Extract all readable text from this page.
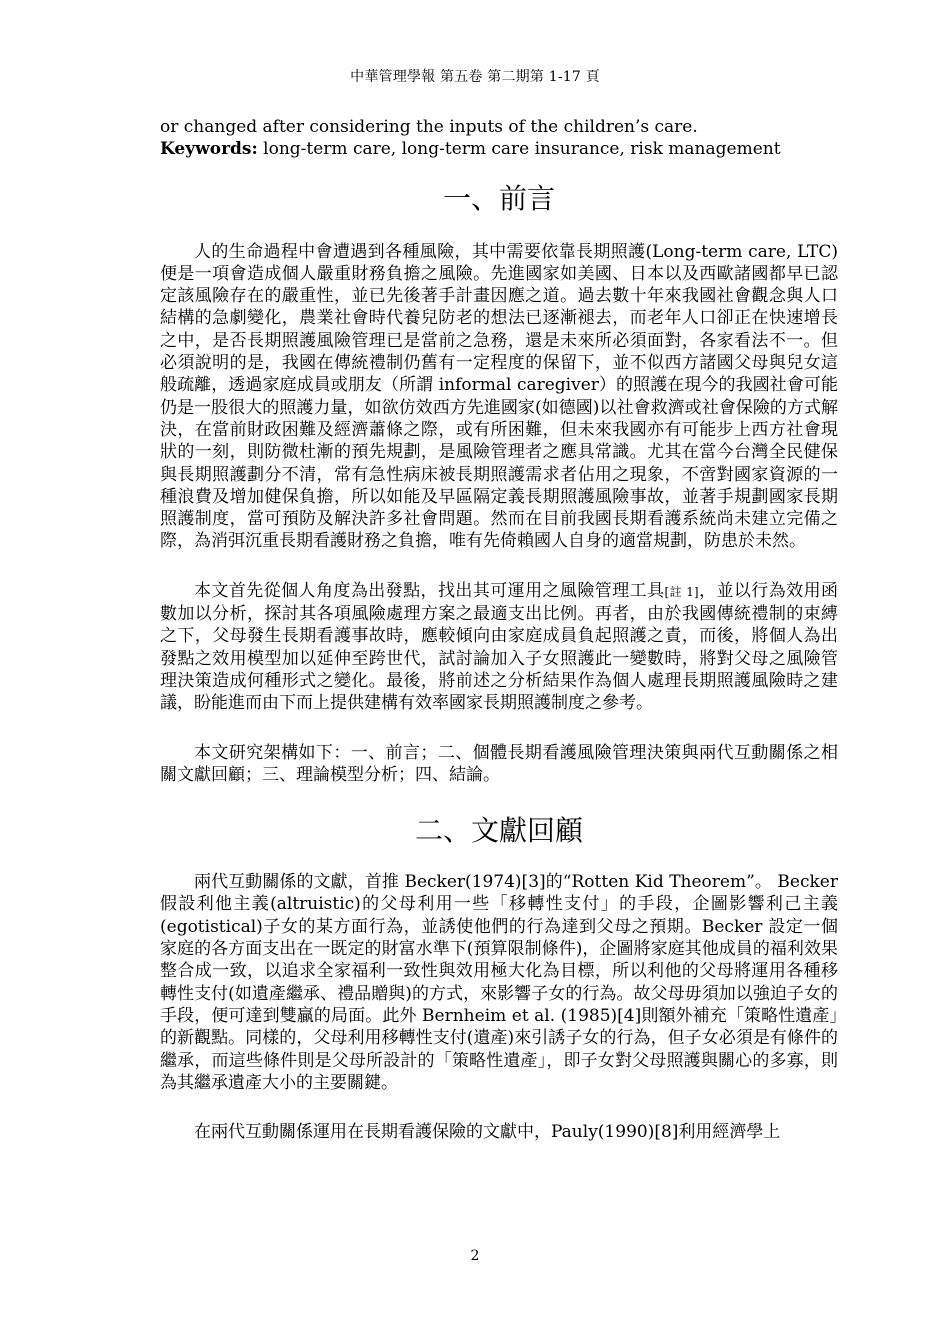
中華管理學報 第五卷 第二期第 1-17 頁

or changed after considering the inputs of the children’s care.

Keywords: long-term care, long-term care insurance, risk management

一、前言

人的生命過程中會遭遇到各種風險，其中需要依靠長期照護(Long-term care, LTC)便是一項會造成個人嚴重財務負擔之風險。先進國家如美國、日本以及西歐諸國都早已認定該風險存在的嚴重性，並已先後著手計畫因應之道。過去數十年來我國社會觀念與人口結構的急劇變化，農業社會時代養兒防老的想法已逐漸褪去，而老年人口卻正在快速增長之中，是否長期照護風險管理已是當前之急務，還是未來所必須面對，各家看法不一。但必須說明的是，我國在傳統禮制仍舊有一定程度的保留下，並不似西方諸國父母與兒女這般疏離，透過家庭成員或朋友（所謂 informal caregiver）的照護在現今的我國社會可能仍是一股很大的照護力量，如欲仿效西方先進國家(如德國)以社會救濟或社會保險的方式解決，在當前財政困難及經濟蕭條之際，或有所困難，但未來我國亦有可能步上西方社會現狀的一刻，則防微杜漸的預先規劃，是風險管理者之應具常識。尤其在當今台灣全民健保與長期照護劃分不清，常有急性病床被長期照護需求者佔用之現象，不啻對國家資源的一種浪費及增加健保負擔，所以如能及早區隔定義長期照護風險事故，並著手規劃國家長期照護制度，當可預防及解決許多社會問題。然而在目前我國長期看護系統尚未建立完備之際，為消弭沉重長期看護財務之負擔，唯有先倚賴國人自身的適當規劃，防患於未然。

本文首先從個人角度為出發點，找出其可運用之風險管理工具[註 1]，並以行為效用函數加以分析，探討其各項風險處理方案之最適支出比例。再者，由於我國傳統禮制的束縛之下，父母發生長期看護事故時，應較傾向由家庭成員負起照護之責，而後，將個人為出發點之效用模型加以延伸至跨世代，試討論加入子女照護此一變數時，將對父母之風險管理決策造成何種形式之變化。最後，將前述之分析結果作為個人處理長期照護風險時之建議，盼能進而由下而上提供建構有效率國家長期照護制度之參考。

本文研究架構如下：一、前言；二、個體長期看護風險管理決策與兩代互動關係之相關文獻回顧；三、理論模型分析；四、結論。

二、文獻回顧

兩代互動關係的文獻，首推 Becker(1974)[3]的“Rotten Kid Theorem”。 Becker 假設利他主義(altruistic)的父母利用一些「移轉性支付」的手段，企圖影響利己主義(egotistical)子女的某方面行為，並誘使他們的行為達到父母之預期。Becker 設定一個家庭的各方面支出在一既定的財富水準下(預算限制條件)，企圖將家庭其他成員的福利效果整合成一致，以追求全家福利一致性與效用極大化為目標，所以利他的父母將運用各種移轉性支付(如遺產繼承、禮品贈與)的方式，來影響子女的行為。故父母毋須加以強迫子女的手段，便可達到雙贏的局面。此外 Bernheim et al. (1985)[4]則額外補充「策略性遺產」的新觀點。同樣的，父母利用移轉性支付(遺產)來引誘子女的行為，但子女必須是有條件的繼承，而這些條件則是父母所設計的「策略性遺產」，即子女對父母照護與關心的多寡，則為其繼承遺產大小的主要關鍵。

在兩代互動關係運用在長期看護保險的文獻中，Pauly(1990)[8]利用經濟學上

2
